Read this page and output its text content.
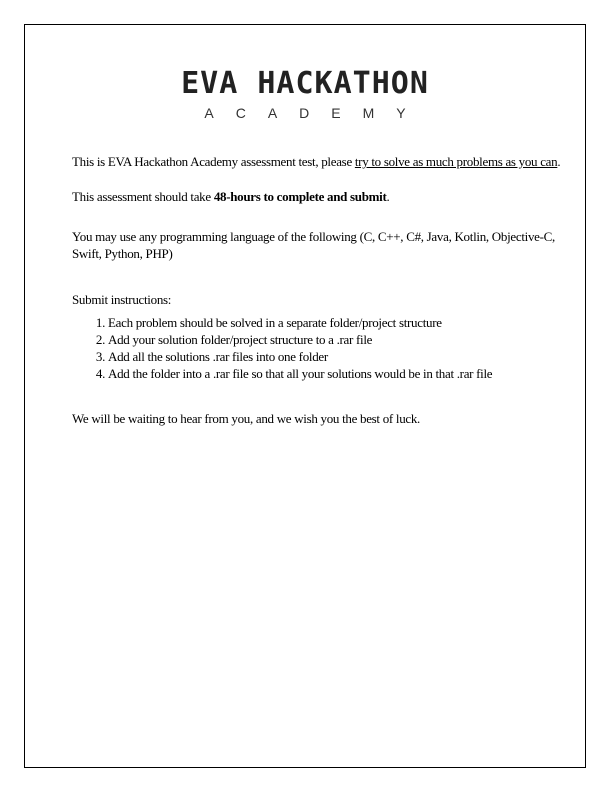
EVA HACKATHON
ACADEMY

This is EVA Hackathon Academy assessment test, please try to solve as much problems as you can.

This assessment should take 48-hours to complete and submit.

You may use any programming language of the following (C, C++, C#, Java, Kotlin, Objective-C, Swift, Python, PHP)

Submit instructions:

1. Each problem should be solved in a separate folder/project structure
2. Add your solution folder/project structure to a .rar file
3. Add all the solutions .rar files into one folder
4. Add the folder into a .rar file so that all your solutions would be in that .rar file

We will be waiting to hear from you, and we wish you the best of luck.
